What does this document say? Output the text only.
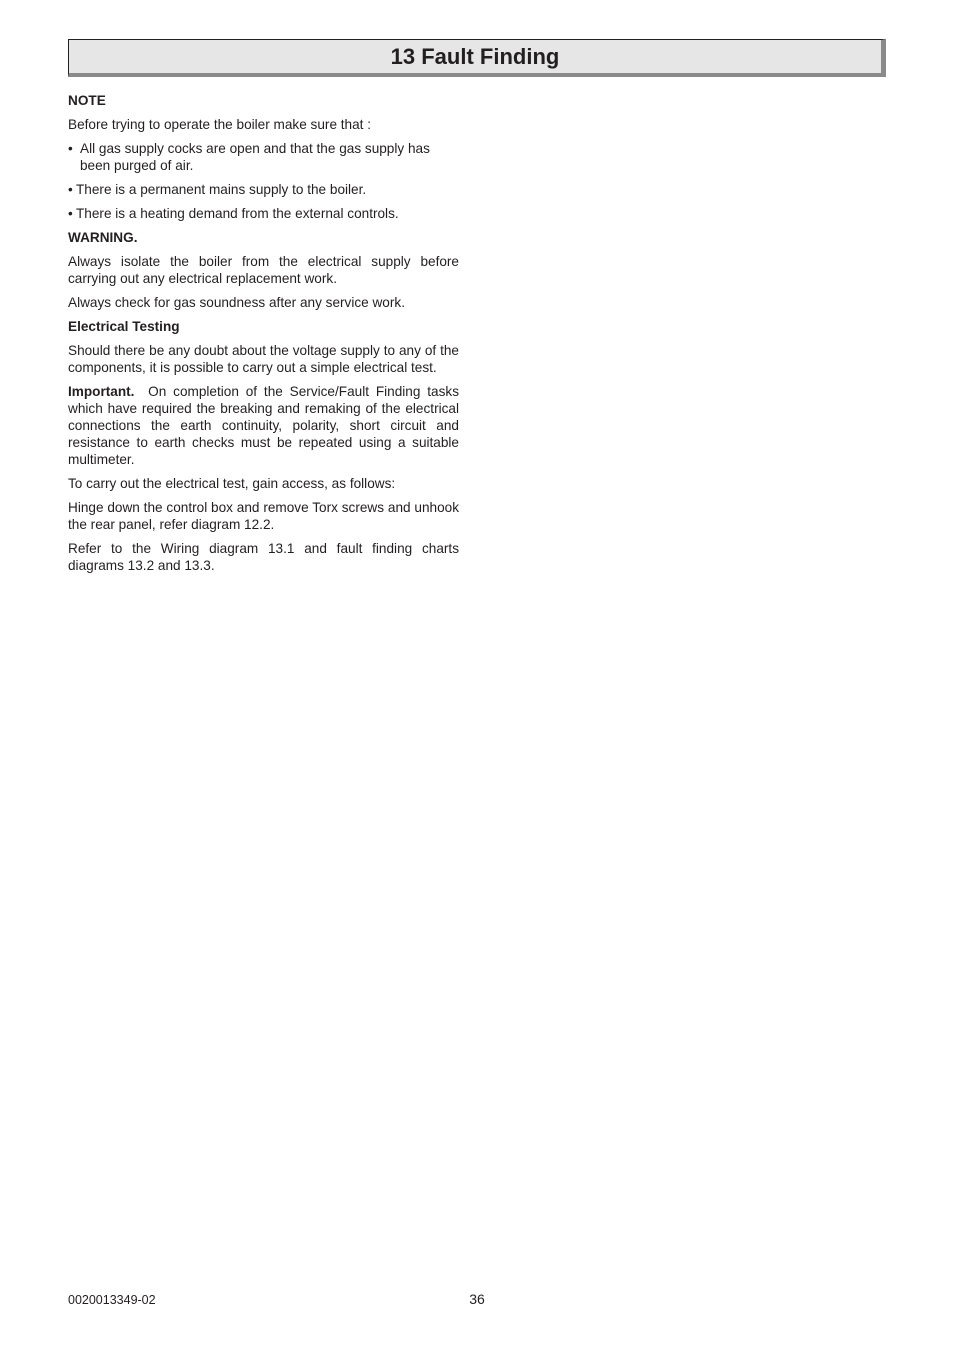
13 Fault Finding

NOTE

Before trying to operate the boiler make sure that :

• All gas supply cocks are open and that the gas supply has been purged of air.
• There is a permanent mains supply to the boiler.
• There is a heating demand from the external controls.

WARNING.

Always isolate the boiler from the electrical supply before carrying out any electrical replacement work.

Always check for gas soundness after any service work.

Electrical Testing

Should there be any doubt about the voltage supply to any of the components, it is possible to carry out a simple electrical test.

Important. On completion of the Service/Fault Finding tasks which have required the breaking and remaking of the electrical connections the earth continuity, polarity, short circuit and resistance to earth checks must be repeated using a suitable multimeter.

To carry out the electrical test, gain access, as follows:

Hinge down the control box and remove Torx screws and unhook the rear panel, refer diagram 12.2.

Refer to the Wiring diagram 13.1 and fault finding charts diagrams 13.2 and 13.3.

0020013349-02	36
